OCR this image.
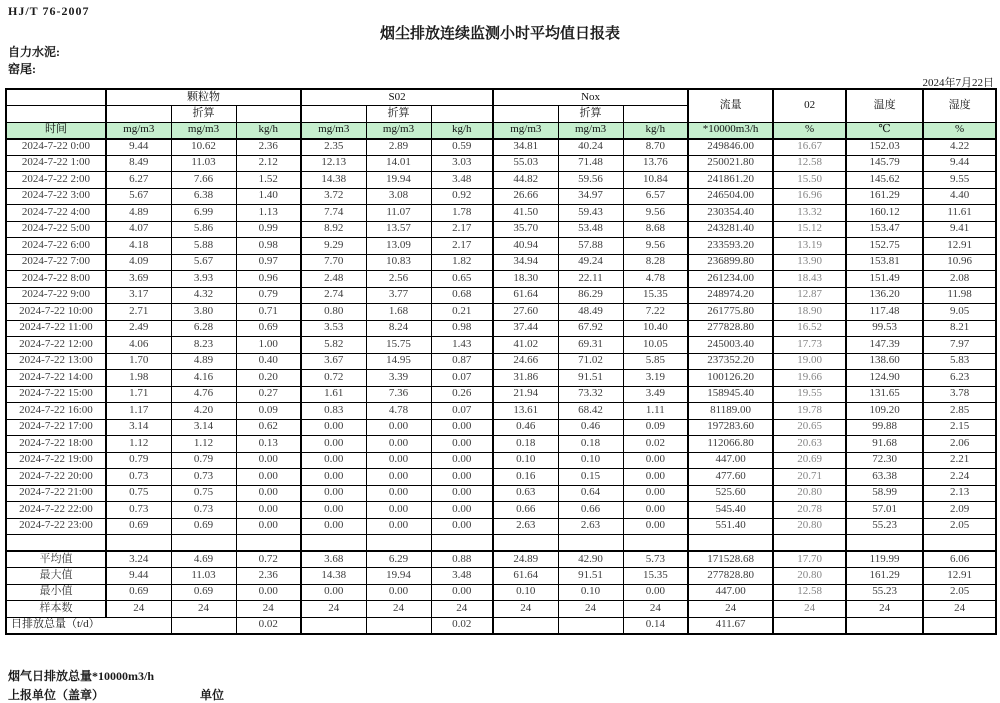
HJ/T 76-2007
烟尘排放连续监测小时平均值日报表
自力水泥:
窑尾:
2024年7月22日
	颗粒物			S02			Nox			流量	02	温度	湿度
		折算			折算			折算					
时间	mg/m3	mg/m3	kg/h	mg/m3	mg/m3	kg/h	mg/m3	mg/m3	kg/h	*10000m3/h	%	℃	%
2024-7-22 0:00	9.44	10.62	2.36	2.35	2.89	0.59	34.81	40.24	8.70	249846.00	16.67	152.03	4.22
2024-7-22 1:00	8.49	11.03	2.12	12.13	14.01	3.03	55.03	71.48	13.76	250021.80	12.58	145.79	9.44
2024-7-22 2:00	6.27	7.66	1.52	14.38	19.94	3.48	44.82	59.56	10.84	241861.20	15.50	145.62	9.55
2024-7-22 3:00	5.67	6.38	1.40	3.72	3.08	0.92	26.66	34.97	6.57	246504.00	16.96	161.29	4.40
2024-7-22 4:00	4.89	6.99	1.13	7.74	11.07	1.78	41.50	59.43	9.56	230354.40	13.32	160.12	11.61
2024-7-22 5:00	4.07	5.86	0.99	8.92	13.57	2.17	35.70	53.48	8.68	243281.40	15.12	153.47	9.41
2024-7-22 6:00	4.18	5.88	0.98	9.29	13.09	2.17	40.94	57.88	9.56	233593.20	13.19	152.75	12.91
2024-7-22 7:00	4.09	5.67	0.97	7.70	10.83	1.82	34.94	49.24	8.28	236899.80	13.90	153.81	10.96
2024-7-22 8:00	3.69	3.93	0.96	2.48	2.56	0.65	18.30	22.11	4.78	261234.00	18.43	151.49	2.08
2024-7-22 9:00	3.17	4.32	0.79	2.74	3.77	0.68	61.64	86.29	15.35	248974.20	12.87	136.20	11.98
2024-7-22 10:00	2.71	3.80	0.71	0.80	1.68	0.21	27.60	48.49	7.22	261775.80	18.90	117.48	9.05
2024-7-22 11:00	2.49	6.28	0.69	3.53	8.24	0.98	37.44	67.92	10.40	277828.80	16.52	99.53	8.21
2024-7-22 12:00	4.06	8.23	1.00	5.82	15.75	1.43	41.02	69.31	10.05	245003.40	17.73	147.39	7.97
2024-7-22 13:00	1.70	4.89	0.40	3.67	14.95	0.87	24.66	71.02	5.85	237352.20	19.00	138.60	5.83
2024-7-22 14:00	1.98	4.16	0.20	0.72	3.39	0.07	31.86	91.51	3.19	100126.20	19.66	124.90	6.23
2024-7-22 15:00	1.71	4.76	0.27	1.61	7.36	0.26	21.94	73.32	3.49	158945.40	19.55	131.65	3.78
2024-7-22 16:00	1.17	4.20	0.09	0.83	4.78	0.07	13.61	68.42	1.11	81189.00	19.78	109.20	2.85
2024-7-22 17:00	3.14	3.14	0.62	0.00	0.00	0.00	0.46	0.46	0.09	197283.60	20.65	99.88	2.15
2024-7-22 18:00	1.12	1.12	0.13	0.00	0.00	0.00	0.18	0.18	0.02	112066.80	20.63	91.68	2.06
2024-7-22 19:00	0.79	0.79	0.00	0.00	0.00	0.00	0.10	0.10	0.00	447.00	20.69	72.30	2.21
2024-7-22 20:00	0.73	0.73	0.00	0.00	0.00	0.00	0.16	0.15	0.00	477.60	20.71	63.38	2.24
2024-7-22 21:00	0.75	0.75	0.00	0.00	0.00	0.00	0.63	0.64	0.00	525.60	20.80	58.99	2.13
2024-7-22 22:00	0.73	0.73	0.00	0.00	0.00	0.00	0.66	0.66	0.00	545.40	20.78	57.01	2.09
2024-7-22 23:00	0.69	0.69	0.00	0.00	0.00	0.00	2.63	2.63	0.00	551.40	20.80	55.23	2.05

平均值	3.24	4.69	0.72	3.68	6.29	0.88	24.89	42.90	5.73	171528.68	17.70	119.99	6.06
最大值	9.44	11.03	2.36	14.38	19.94	3.48	61.64	91.51	15.35	277828.80	20.80	161.29	12.91
最小值	0.69	0.69	0.00	0.00	0.00	0.00	0.10	0.10	0.00	447.00	12.58	55.23	2.05
样本数	24	24	24	24	24	24	24	24	24	24	24	24	24
日排放总量（t/d）			0.02			0.02			0.14	411.67			
烟气日排放总量*10000m3/h
上报单位（盖章）	单位
